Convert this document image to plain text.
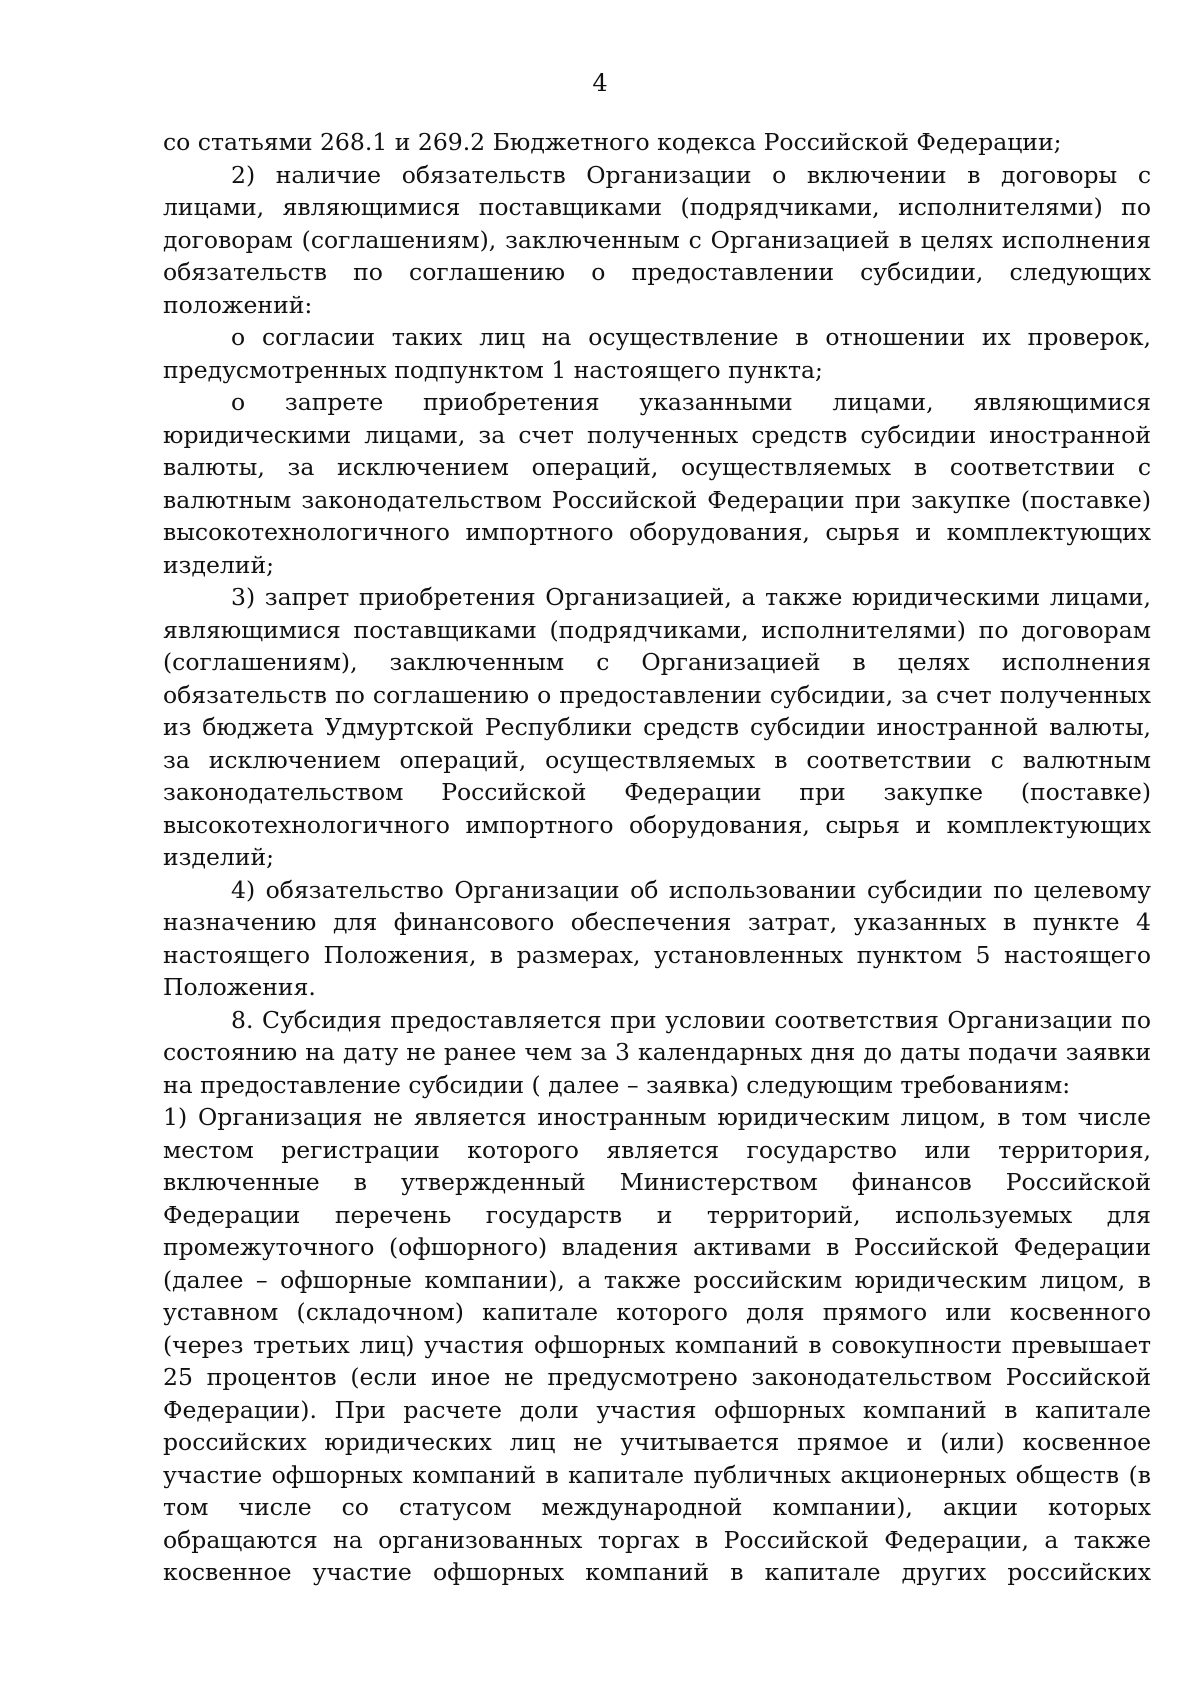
4

со статьями 268.1 и 269.2 Бюджетного кодекса Российской Федерации;

2) наличие обязательств Организации о включении в договоры с лицами, являющимися поставщиками (подрядчиками, исполнителями) по договорам (соглашениям), заключенным с Организацией в целях исполнения обязательств по соглашению о предоставлении субсидии, следующих положений:

о согласии таких лиц на осуществление в отношении их проверок, предусмотренных подпунктом 1 настоящего пункта;

о запрете приобретения указанными лицами, являющимися юридическими лицами, за счет полученных средств субсидии иностранной валюты, за исключением операций, осуществляемых в соответствии с валютным законодательством Российской Федерации при закупке (поставке) высокотехнологичного импортного оборудования, сырья и комплектующих изделий;

3) запрет приобретения Организацией, а также юридическими лицами, являющимися поставщиками (подрядчиками, исполнителями) по договорам (соглашениям), заключенным с Организацией в целях исполнения обязательств по соглашению о предоставлении субсидии, за счет полученных из бюджета Удмуртской Республики средств субсидии иностранной валюты, за исключением операций, осуществляемых в соответствии с валютным законодательством Российской Федерации при закупке (поставке) высокотехнологичного импортного оборудования, сырья и комплектующих изделий;

4) обязательство Организации об использовании субсидии по целевому назначению для финансового обеспечения затрат, указанных в пункте 4 настоящего Положения, в размерах, установленных пунктом 5 настоящего Положения.

8. Субсидия предоставляется при условии соответствия Организации по состоянию на дату не ранее чем за 3 календарных дня до даты подачи заявки на предоставление субсидии ( далее – заявка) следующим требованиям:

1) Организация не является иностранным юридическим лицом, в том числе местом регистрации которого является государство или территория, включенные в утвержденный Министерством финансов Российской Федерации перечень государств и территорий, используемых для промежуточного (офшорного) владения активами в Российской Федерации (далее – офшорные компании), а также российским юридическим лицом, в уставном (складочном) капитале которого доля прямого или косвенного (через третьих лиц) участия офшорных компаний в совокупности превышает 25 процентов (если иное не предусмотрено законодательством Российской Федерации). При расчете доли участия офшорных компаний в капитале российских юридических лиц не учитывается прямое и (или) косвенное участие офшорных компаний в капитале публичных акционерных обществ (в том числе со статусом международной компании), акции которых обращаются на организованных торгах в Российской Федерации, а также косвенное участие офшорных компаний в капитале других российских
